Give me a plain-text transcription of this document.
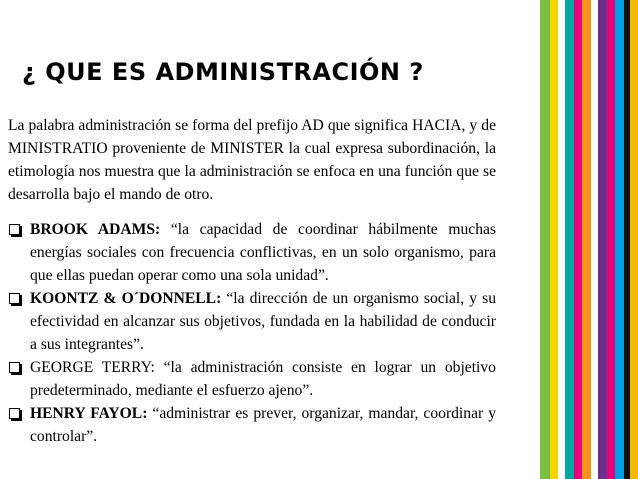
¿ QUE ES ADMINISTRACIÓN ?

La palabra administración se forma del prefijo AD que significa HACIA, y de MINISTRATIO proveniente de MINISTER la cual expresa subordinación, la etimología nos muestra que la administración se enfoca en una función que se desarrolla bajo el mando de otro.

BROOK ADAMS: “la capacidad de coordinar hábilmente muchas energías sociales con frecuencia conflictivas, en un solo organismo, para que ellas puedan operar como una sola unidad”.

KOONTZ & O´DONNELL: “la dirección de un organismo social, y su efectividad en alcanzar sus objetivos, fundada en la habilidad de conducir a sus integrantes”.

GEORGE TERRY: “la administración consiste en lograr un objetivo predeterminado, mediante el esfuerzo ajeno”.

HENRY FAYOL: “administrar es prever, organizar, mandar, coordinar y controlar”.
